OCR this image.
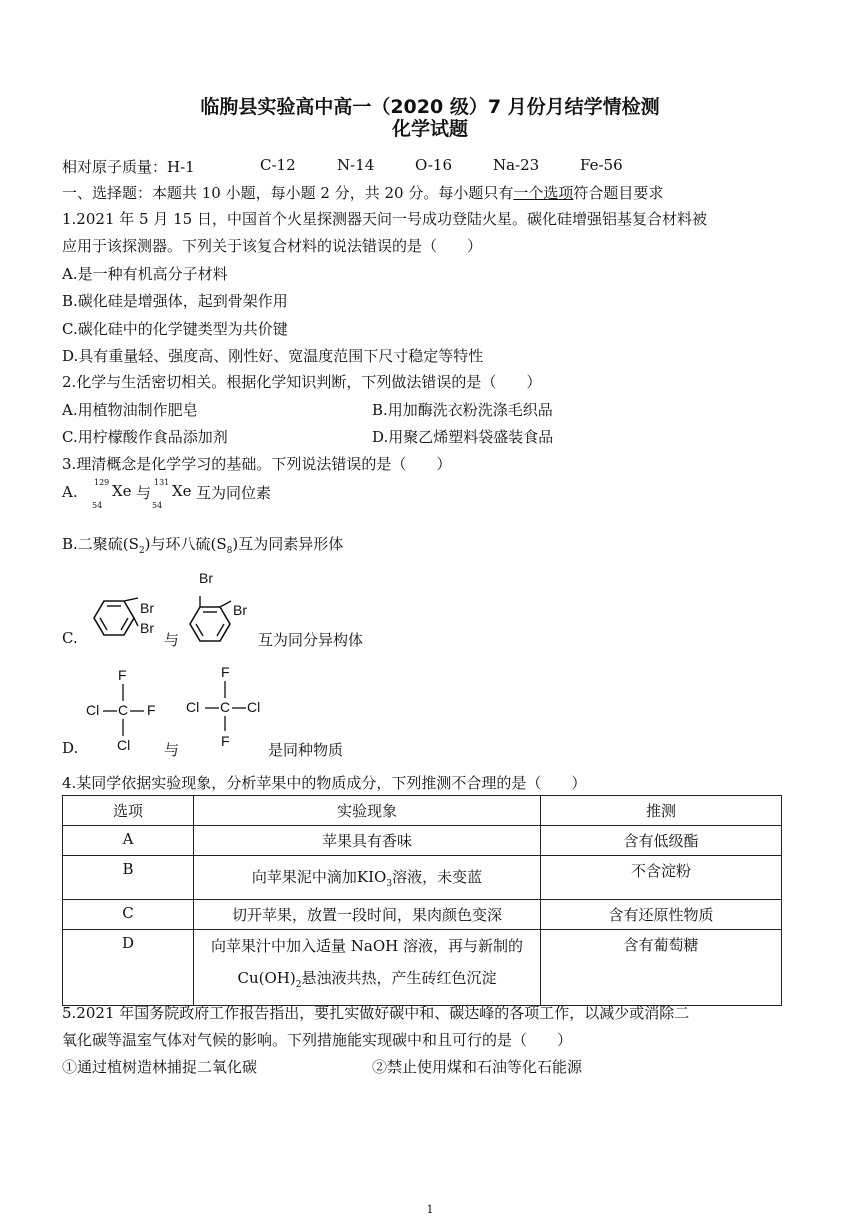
临朐县实验高中高一（2020 级）7 月份月结学情检测
化学试题
相对原子质量：H-1	C-12	N-14	O-16	Na-23	Fe-56
一、选择题：本题共 10 小题，每小题 2 分，共 20 分。每小题只有一个选项符合题目要求
1.2021 年 5 月 15 日，中国首个火星探测器天问一号成功登陆火星。碳化硅增强铝基复合材料被
应用于该探测器。下列关于该复合材料的说法错误的是（　　）
A.是一种有机高分子材料
B.碳化硅是增强体，起到骨架作用
C.碳化硅中的化学键类型为共价键
D.具有重量轻、强度高、刚性好、宽温度范围下尺寸稳定等特性
2.化学与生活密切相关。根据化学知识判断，下列做法错误的是（　　）
A.用植物油制作肥皂	B.用加酶洗衣粉洗涤毛织品
C.用柠檬酸作食品添加剂	D.用聚乙烯塑料袋盛装食品
3.理清概念是化学学习的基础。下列说法错误的是（　　）
A.
129
54
Xe 与
131
54
Xe 互为同位素
B.二聚硫$(S_2)$与环八硫$(S_8)$互为同素异形体
C.
Br
Br
与
Br
Br
互为同分异构体
D.
F
Cl C F
Cl 与
F
Cl C Cl
F	是同种物质
4.某同学依据实验现象，分析苹果中的物质成分，下列推测不合理的是（　　）
选项	实验现象	推测
A	苹果具有香味	含有低级酯
B	向苹果泥中滴加$KIO_3$溶液，未变蓝	不含淀粉
C	切开苹果，放置一段时间，果肉颜色变深	含有还原性物质
D	向苹果汁中加入适量 NaOH 溶液，再与新制的
$Cu(OH)_2$悬浊液共热，产生砖红色沉淀	含有葡萄糖
5.2021 年国务院政府工作报告指出，要扎实做好碳中和、碳达峰的各项工作，以减少或消除二
氧化碳等温室气体对气候的影响。下列措施能实现碳中和且可行的是（　　）
①通过植树造林捕捉二氧化碳	②禁止使用煤和石油等化石能源
1
